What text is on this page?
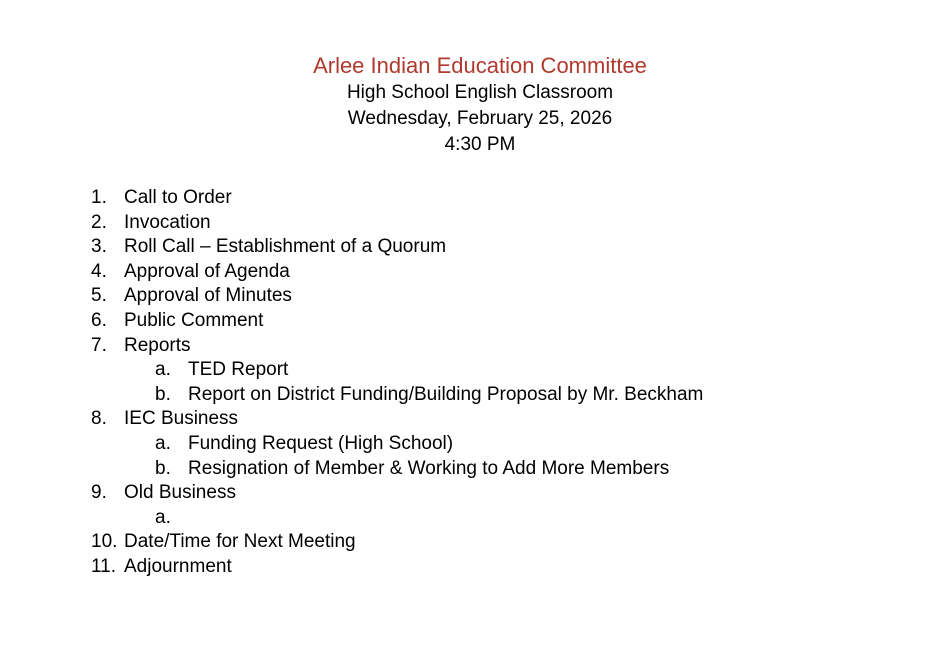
Arlee Indian Education Committee
High School English Classroom
Wednesday, February 25, 2026
4:30 PM
1. Call to Order
2. Invocation
3. Roll Call – Establishment of a Quorum
4. Approval of Agenda
5. Approval of Minutes
6. Public Comment
7. Reports
a. TED Report
b. Report on District Funding/Building Proposal by Mr. Beckham
8. IEC Business
a. Funding Request (High School)
b. Resignation of Member & Working to Add More Members
9. Old Business
a.
10. Date/Time for Next Meeting
11. Adjournment
